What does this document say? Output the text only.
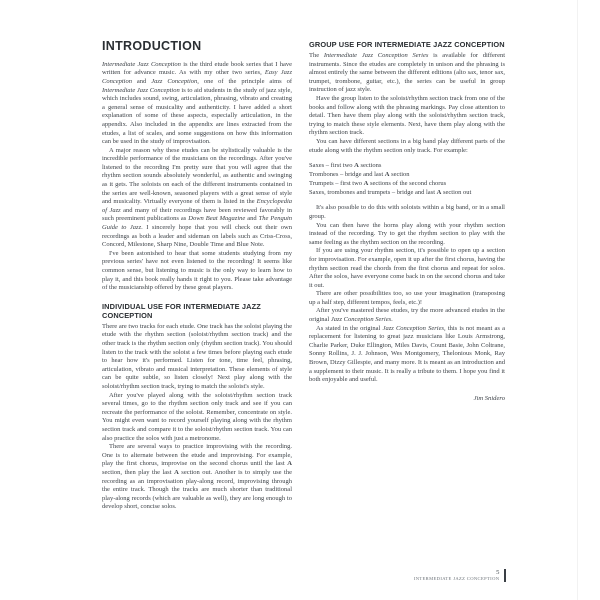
INTRODUCTION

Intermediate Jazz Conception is the third etude book series that I have written for advance music. As with my other two series, Easy Jazz Conception and Jazz Conception, one of the principle aims of Intermediate Jazz Conception is to aid students in the study of jazz style, which includes sound, swing, articulation, phrasing, vibrato and creating a general sense of musicality and authenticity. I have added a short explanation of some of these aspects, especially articulation, in the appendix. Also included in the appendix are lines extracted from the etudes, a list of scales, and some suggestions on how this information can be used in the study of improvisation.

A major reason why these etudes can be stylistically valuable is the incredible performance of the musicians on the recordings. After you've listened to the recording I'm pretty sure that you will agree that the rhythm section sounds absolutely wonderful, as authentic and swinging as it gets. The soloists on each of the different instruments contained in the series are well-known, seasoned players with a great sense of style and musicality. Virtually everyone of them is listed in the Encyclopedia of Jazz and many of their recordings have been reviewed favorably in such preeminent publications as Down Beat Magazine and The Penguin Guide to Jazz. I sincerely hope that you will check out their own recordings as both a leader and sideman on labels such as Criss-Cross, Concord, Milestone, Sharp Nine, Double Time and Blue Note.

I've been astonished to hear that some students studying from my previous series' have not even listened to the recording! It seems like common sense, but listening to music is the only way to learn how to play it, and this book really hands it right to you. Please take advantage of the musicianship offered by these great players.

INDIVIDUAL USE FOR INTERMEDIATE JAZZ CONCEPTION

There are two tracks for each etude. One track has the soloist playing the etude with the rhythm section (soloist/rhythm section track) and the other track is the rhythm section only (rhythm section track). You should listen to the track with the soloist a few times before playing each etude to hear how it's performed. Listen for tone, time feel, phrasing, articulation, vibrato and musical interpretation. These elements of style can be quite subtle, so listen closely! Next play along with the soloist/rhythm section track, trying to match the soloist's style.

After you've played along with the soloist/rhythm section track several times, go to the rhythm section only track and see if you can recreate the performance of the soloist. Remember, concentrate on style. You might even want to record yourself playing along with the rhythm section track and compare it to the soloist/rhythm section track. You can also practice the solos with just a metronome.

There are several ways to practice improvising with the recording. One is to alternate between the etude and improvising. For example, play the first chorus, improvise on the second chorus until the last A section, then play the last A section out. Another is to simply use the recording as an improvisation play-along record, improvising through the entire track. Though the tracks are much shorter than traditional play-along records (which are valuable as well), they are long enough to develop short, concise solos.

GROUP USE FOR INTERMEDIATE JAZZ CONCEPTION

The Intermediate Jazz Conception Series is available for different instruments. Since the etudes are completely in unison and the phrasing is almost entirely the same between the different editions (alto sax, tenor sax, trumpet, trombone, guitar, etc.), the series can be useful in group instruction of jazz style.

Have the group listen to the soloist/rhythm section track from one of the books and follow along with the phrasing markings. Pay close attention to detail. Then have them play along with the soloist/rhythm section track, trying to match these style elements. Next, have them play along with the rhythm section track.

You can have different sections in a big band play different parts of the etude along with the rhythm section only track. For example:

Saxes – first two A sections
Trombones – bridge and last A section
Trumpets – first two A sections of the second chorus
Saxes, trombones and trumpets – bridge and last A section out

It's also possible to do this with soloists within a big band, or in a small group.

You can then have the horns play along with your rhythm section instead of the recording. Try to get the rhythm section to play with the same feeling as the rhythm section on the recording.

If you are using your rhythm section, it's possible to open up a section for improvisation. For example, open it up after the first chorus, having the rhythm section read the chords from the first chorus and repeat for solos. After the solos, have everyone come back in on the second chorus and take it out.

There are other possibilities too, so use your imagination (transposing up a half step, different tempos, feels, etc.)!

After you've mastered these etudes, try the more advanced etudes in the original Jazz Conception Series.

As stated in the original Jazz Conception Series, this is not meant as a replacement for listening to great jazz musicians like Louis Armstrong, Charlie Parker, Duke Ellington, Miles Davis, Count Basie, John Coltrane, Sonny Rollins, J. J. Johnson, Wes Montgomery, Thelonious Monk, Ray Brown, Dizzy Gillespie, and many more. It is meant as an introduction and a supplement to their music. It is really a tribute to them. I hope you find it both enjoyable and useful.

Jim Snidero

5
INTERMEDIATE JAZZ CONCEPTION
